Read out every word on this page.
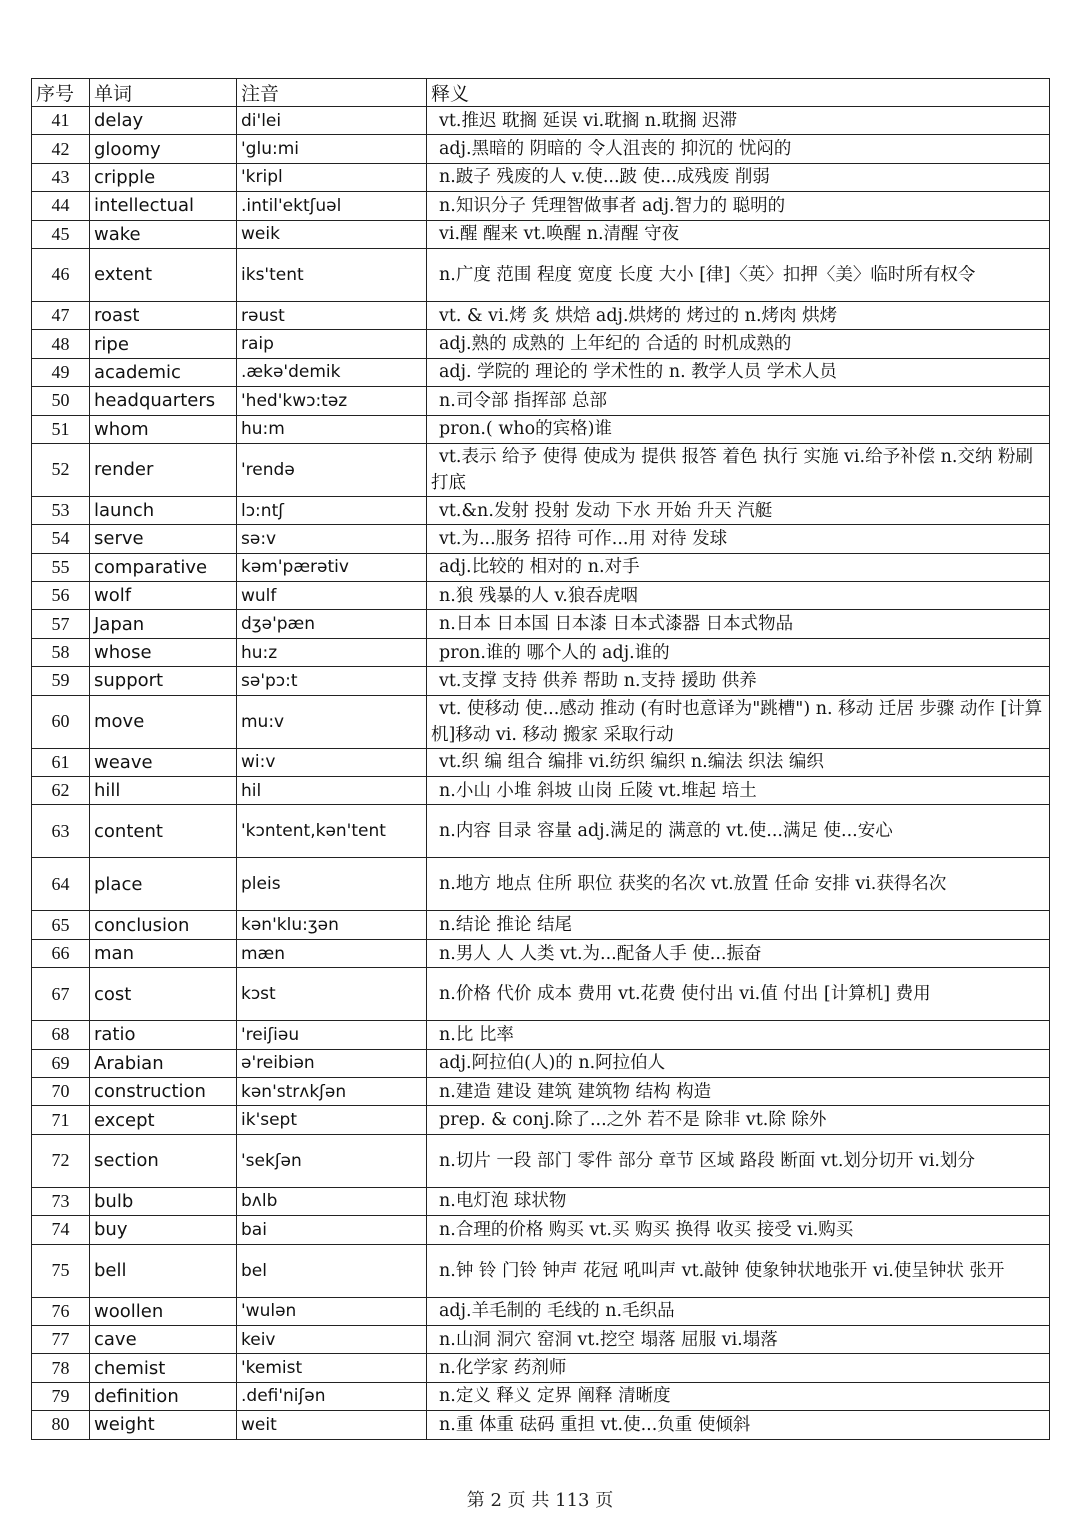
序号	单词	注音	释义
41	delay	di'lei	vt.推迟 耽搁 延误 vi.耽搁 n.耽搁 迟滞
42	gloomy	'glu:mi	adj.黑暗的 阴暗的 令人沮丧的 抑沉的 忧闷的
43	cripple	'kripl	n.跛子 残废的人 v.使...跛 使...成残废 削弱
44	intellectual	.intil'ektʃuəl	n.知识分子 凭理智做事者 adj.智力的 聪明的
45	wake	weik	vi.醒 醒来 vt.唤醒 n.清醒 守夜
46	extent	iks'tent	n.广度 范围 程度 宽度 长度 大小 [律]〈英〉扣押〈美〉临时所有权令
47	roast	rəust	vt. & vi.烤 炙 烘焙 adj.烘烤的 烤过的 n.烤肉 烘烤
48	ripe	raip	adj.熟的 成熟的 上年纪的 合适的 时机成熟的
49	academic	.ækə'demik	adj. 学院的 理论的 学术性的 n. 教学人员 学术人员
50	headquarters	'hed'kwɔ:təz	n.司令部 指挥部 总部
51	whom	hu:m	pron.( who的宾格)谁
52	render	'rendə	vt.表示 给予 使得 使成为 提供 报答 着色 执行 实施 vi.给予补偿 n.交纳 粉刷 打底
53	launch	lɔ:ntʃ	vt.&n.发射 投射 发动 下水 开始 升天 汽艇
54	serve	sə:v	vt.为...服务 招待 可作...用 对待 发球
55	comparative	kəm'pærətiv	adj.比较的 相对的 n.对手
56	wolf	wulf	n.狼 残暴的人 v.狼吞虎咽
57	Japan	dʒə'pæn	n.日本 日本国 日本漆 日本式漆器 日本式物品
58	whose	hu:z	pron.谁的 哪个人的 adj.谁的
59	support	sə'pɔ:t	vt.支撑 支持 供养 帮助 n.支持 援助 供养
60	move	mu:v	vt. 使移动 使...感动 推动 (有时也意译为"跳槽") n. 移动 迁居 步骤 动作 [计算机]移动 vi. 移动 搬家 采取行动
61	weave	wi:v	vt.织 编 组合 编排 vi.纺织 编织 n.编法 织法 编织
62	hill	hil	n.小山 小堆 斜坡 山岗 丘陵 vt.堆起 培土
63	content	'kɔntent,kən'tent	n.内容 目录 容量 adj.满足的 满意的 vt.使...满足 使...安心
64	place	pleis	n.地方 地点 住所 职位 获奖的名次 vt.放置 任命 安排 vi.获得名次
65	conclusion	kən'klu:ʒən	n.结论 推论 结尾
66	man	mæn	n.男人 人 人类 vt.为...配备人手 使...振奋
67	cost	kɔst	n.价格 代价 成本 费用 vt.花费 使付出 vi.值 付出 [计算机] 费用
68	ratio	'reiʃiəu	n.比 比率
69	Arabian	ə'reibiən	adj.阿拉伯(人)的 n.阿拉伯人
70	construction	kən'strʌkʃən	n.建造 建设 建筑 建筑物 结构 构造
71	except	ik'sept	prep. & conj.除了...之外 若不是 除非 vt.除 除外
72	section	'sekʃən	n.切片 一段 部门 零件 部分 章节 区域 路段 断面 vt.划分切开 vi.划分
73	bulb	bʌlb	n.电灯泡 球状物
74	buy	bai	n.合理的价格 购买 vt.买 购买 换得 收买 接受 vi.购买
75	bell	bel	n.钟 铃 门铃 钟声 花冠 吼叫声 vt.敲钟 使象钟状地张开 vi.使呈钟状 张开
76	woollen	'wulən	adj.羊毛制的 毛线的 n.毛织品
77	cave	keiv	n.山洞 洞穴 窑洞 vt.挖空 塌落 屈服 vi.塌落
78	chemist	'kemist	n.化学家 药剂师
79	definition	.defi'niʃən	n.定义 释义 定界 阐释 清晰度
80	weight	weit	n.重 体重 砝码 重担 vt.使...负重 使倾斜
第 2 页 共 113 页
